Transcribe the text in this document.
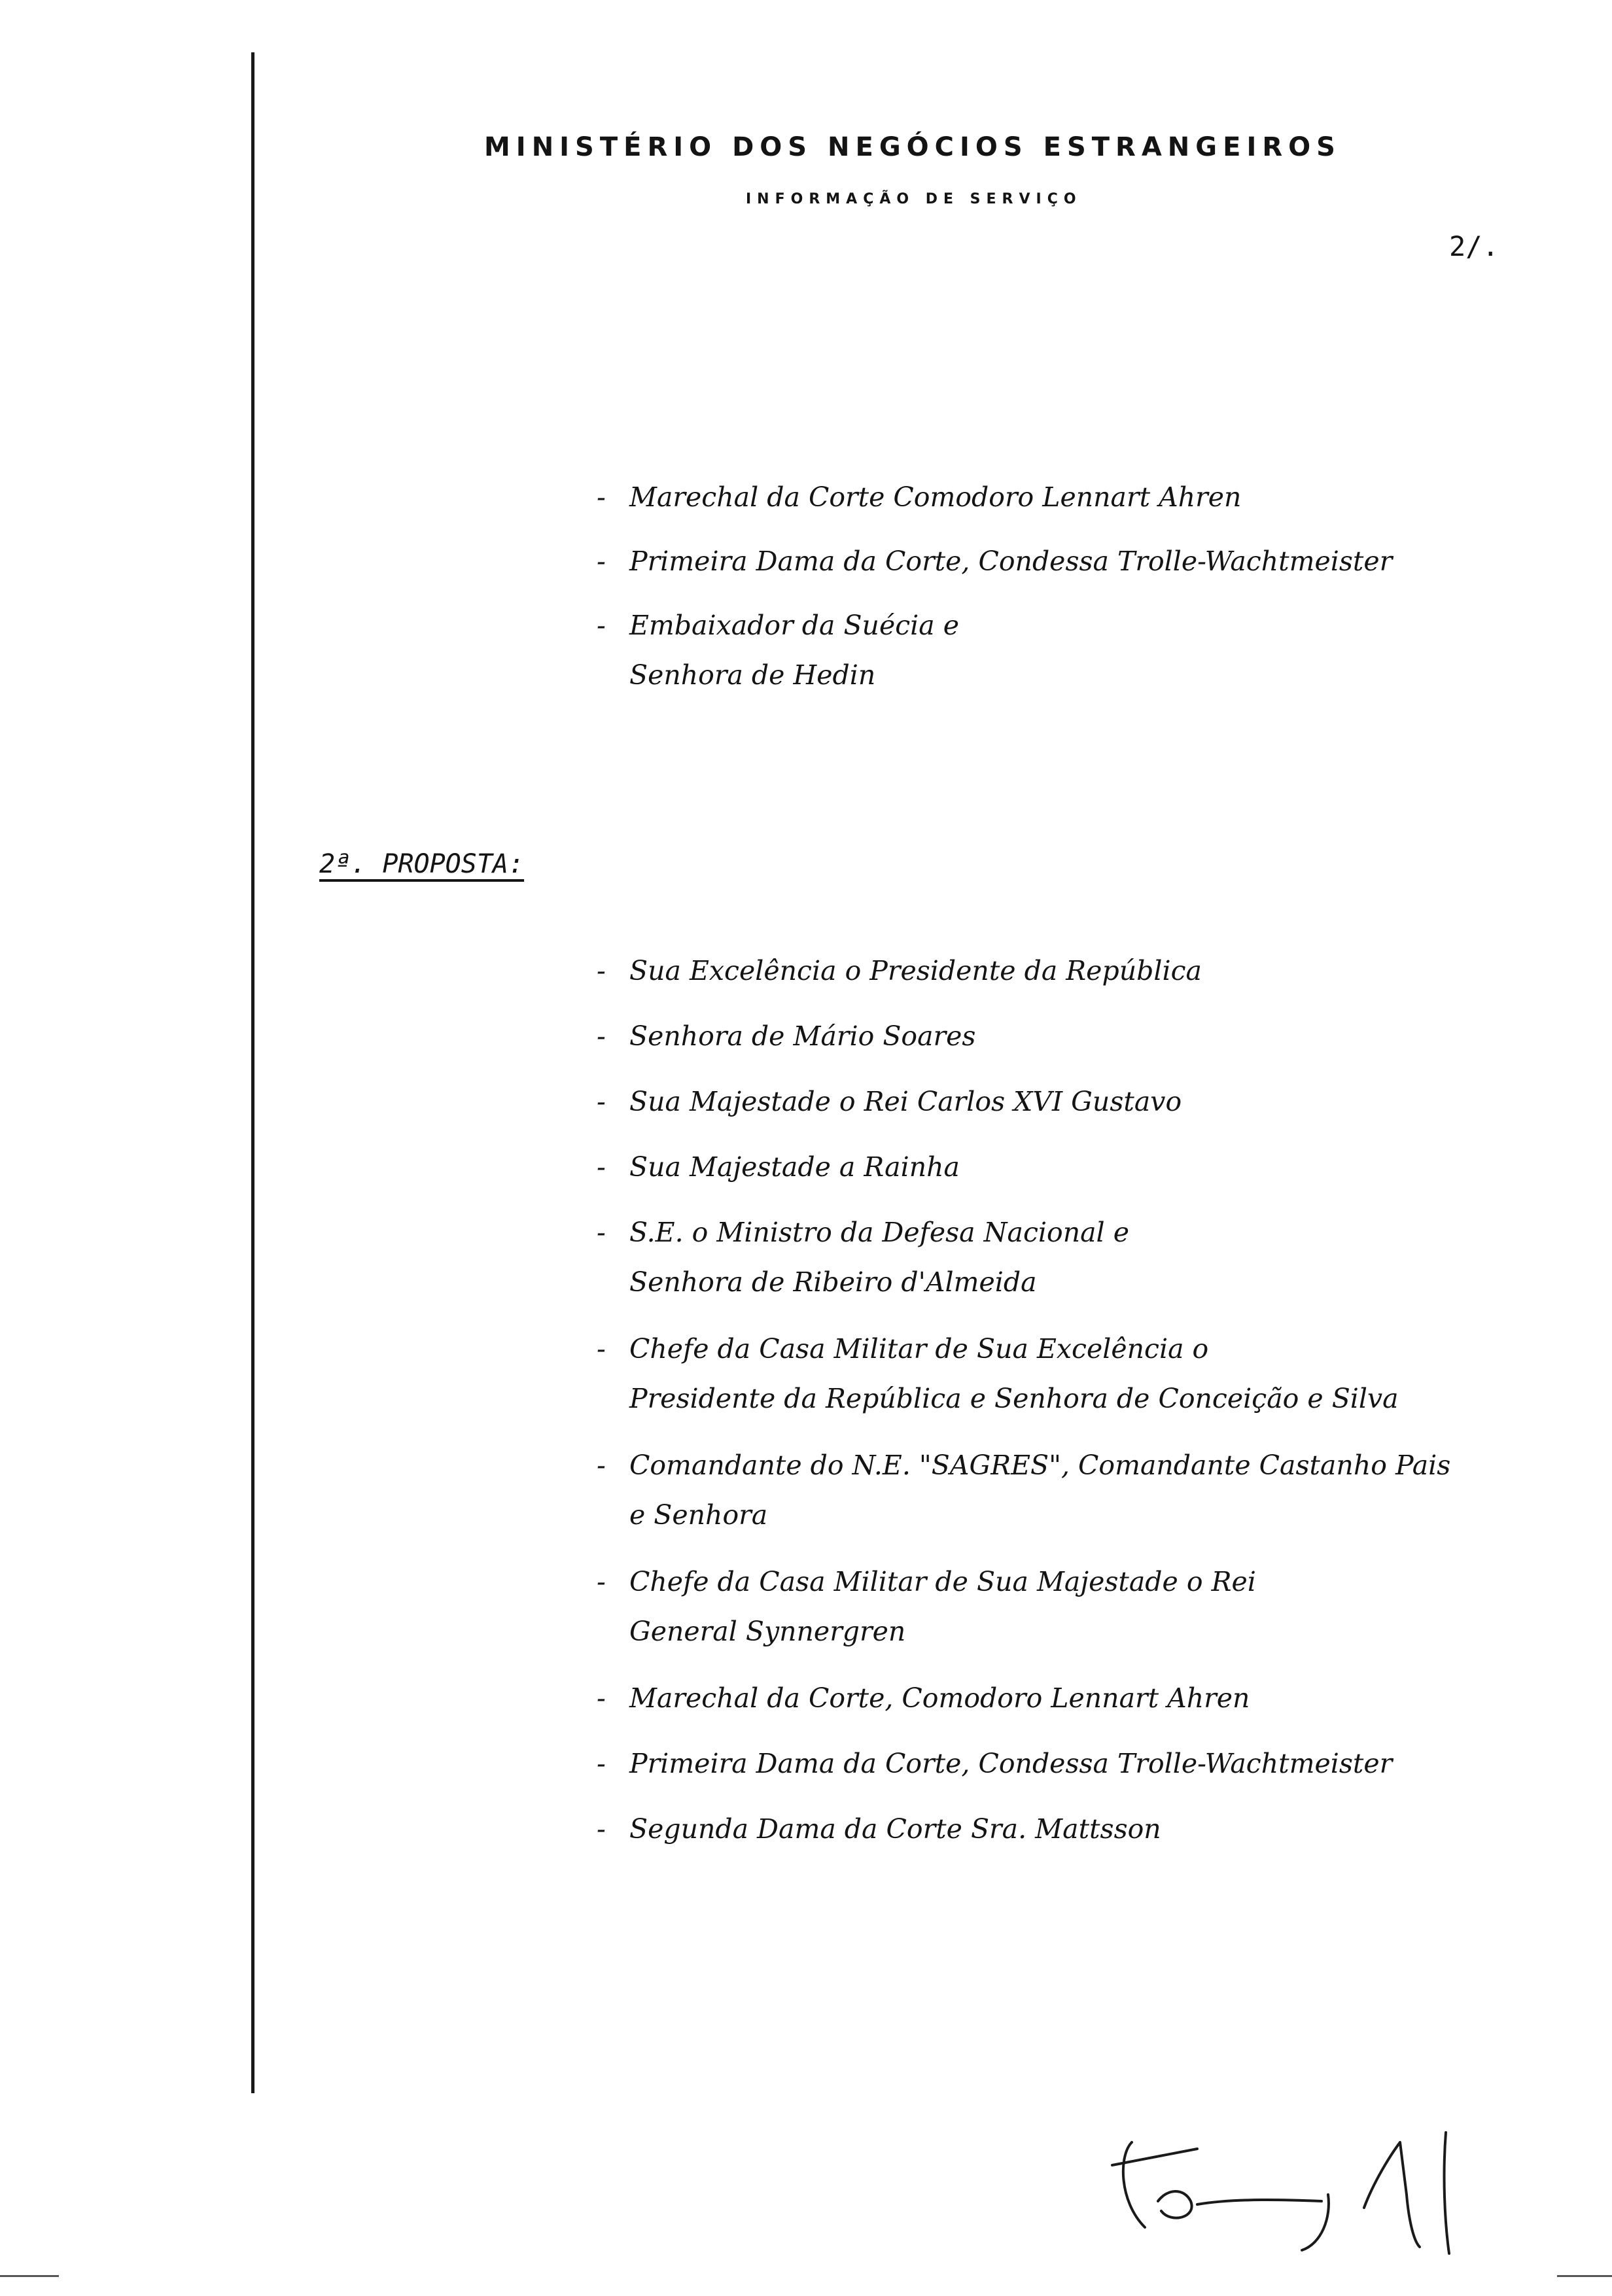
MINISTÉRIO DOS NEGÓCIOS ESTRANGEIROS
INFORMAÇÃO DE SERVIÇO
2/.
- Marechal da Corte Comodoro Lennart Ahren
- Primeira Dama da Corte, Condessa Trolle-Wachtmeister
- Embaixador da Suécia e
Senhora de Hedin
2ª. PROPOSTA:
- Sua Excelência o Presidente da República
- Senhora de Mário Soares
- Sua Majestade o Rei Carlos XVI Gustavo
- Sua Majestade a Rainha
- S.E. o Ministro da Defesa Nacional e
Senhora de Ribeiro d'Almeida
- Chefe da Casa Militar de Sua Excelência o
Presidente da República e Senhora de Conceição e Silva
- Comandante do N.E. "SAGRES", Comandante Castanho Pais
e Senhora
- Chefe da Casa Militar de Sua Majestade o Rei
General Synnergren
- Marechal da Corte, Comodoro Lennart Ahren
- Primeira Dama da Corte, Condessa Trolle-Wachtmeister
- Segunda Dama da Corte Sra. Mattsson
